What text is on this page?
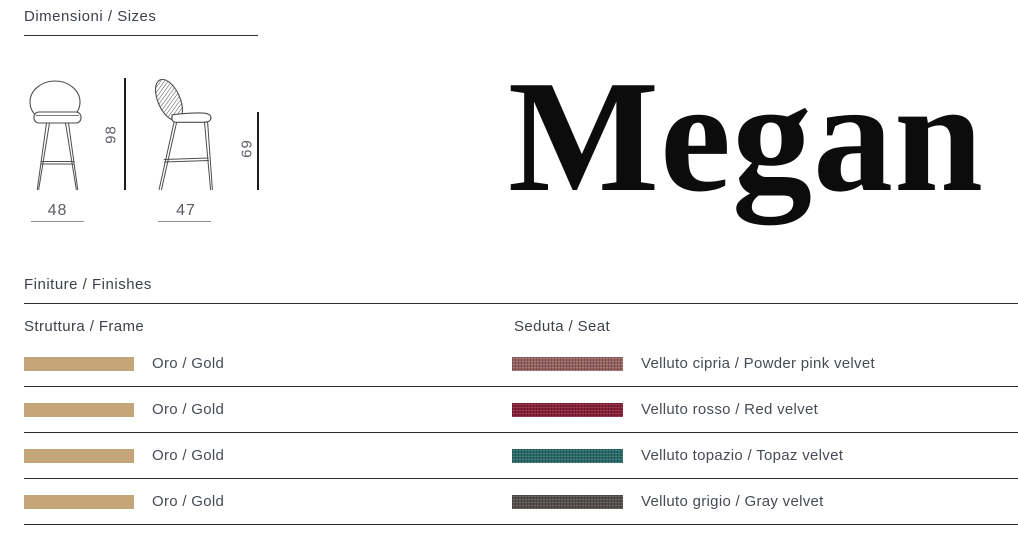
Dimensioni / Sizes
48
98
47
69 Megan
Finiture / Finishes
Struttura / Frame	Seduta / Seat
Oro / Gold	Velluto cipria / Powder pink velvet
Oro / Gold	Velluto rosso / Red velvet
Oro / Gold	Velluto topazio / Topaz velvet
Oro / Gold	Velluto grigio / Gray velvet
